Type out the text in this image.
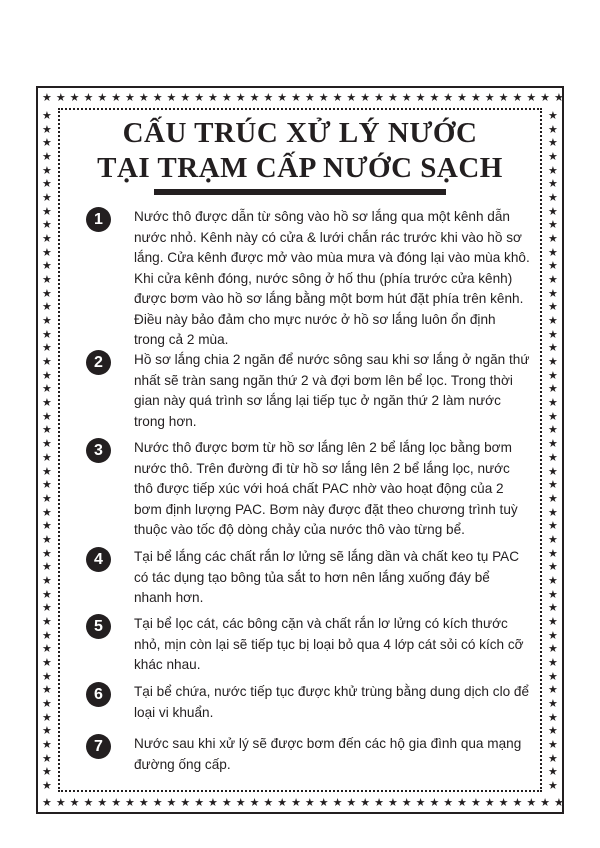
★ ★ ★ ★ ★ ★ ★ ★ ★ ★ ★ ★ ★ ★ ★ ★ ★ ★ ★ ★ ★ ★ ★ ★ ★ ★ ★ ★ ★ ★ ★ ★ ★ ★ ★ ★ ★ ★
★ ★ ★ ★ ★ ★ ★ ★ ★ ★ ★ ★ ★ ★ ★ ★ ★ ★ ★ ★ ★ ★ ★ ★ ★ ★ ★ ★ ★ ★ ★ ★ ★ ★ ★ ★ ★ ★
★
★
★
★
★
★
★
★
★
★
★
★
★
★
★
★
★
★
★
★
★
★
★
★
★
★
★
★
★
★
★
★
★
★
★
★
★
★
★
★
★
★
★
★
★
★
★
★
★
★
★
★
★
★
★
★
★
★
★
★
★
★
★
★
★
★
★
★
★
★
★
★
★
★
★
★
★
★
★
★
★
★
★
★
★
★
★
★
★
★
★
★
★
★
★
★
★
★
★
★
CẤU TRÚC XỬ LÝ NƯỚC
TẠI TRẠM CẤP NƯỚC SẠCH
1	Nước thô được dẫn từ sông vào hồ sơ lắng qua một kênh dẫn nước nhỏ. Kênh này có cửa & lưới chắn rác trước khi vào hồ sơ lắng. Cửa kênh được mở vào mùa mưa và đóng lại vào mùa khô. Khi cửa kênh đóng, nước sông ở hố thu (phía trước cửa kênh) được bơm vào hồ sơ lắng bằng một bơm hút đặt phía trên kênh. Điều này bảo đảm cho mực nước ở hồ sơ lắng luôn ổn định trong cả 2 mùa.

2	Hồ sơ lắng chia 2 ngăn để nước sông sau khi sơ lắng ở ngăn thứ nhất sẽ tràn sang ngăn thứ 2 và đợi bơm lên bể lọc. Trong thời gian này quá trình sơ lắng lại tiếp tục ở ngăn thứ 2 làm nước trong hơn.

3	Nước thô được bơm từ hồ sơ lắng lên 2 bể lắng lọc bằng bơm nước thô. Trên đường đi từ hồ sơ lắng lên 2 bể lắng lọc, nước thô được tiếp xúc với hoá chất PAC nhờ vào hoạt động của 2 bơm định lượng PAC. Bơm này được đặt theo chương trình tuỳ thuộc vào tốc độ dòng chảy của nước thô vào từng bể.

4	Tại bể lắng các chất rắn lơ lửng sẽ lắng dần và chất keo tụ PAC có tác dụng tạo bông tủa sắt to hơn nên lắng xuống đáy bể nhanh hơn.

5	Tại bể lọc cát, các bông cặn và chất rắn lơ lửng có kích thước nhỏ, mịn còn lại sẽ tiếp tục bị loại bỏ qua 4 lớp cát sỏi có kích cỡ khác nhau.

6	Tại bể chứa, nước tiếp tục được khử trùng bằng dung dịch clo để loại vi khuẩn.

7	Nước sau khi xử lý sẽ được bơm đến các hộ gia đình qua mạng đường ống cấp.
